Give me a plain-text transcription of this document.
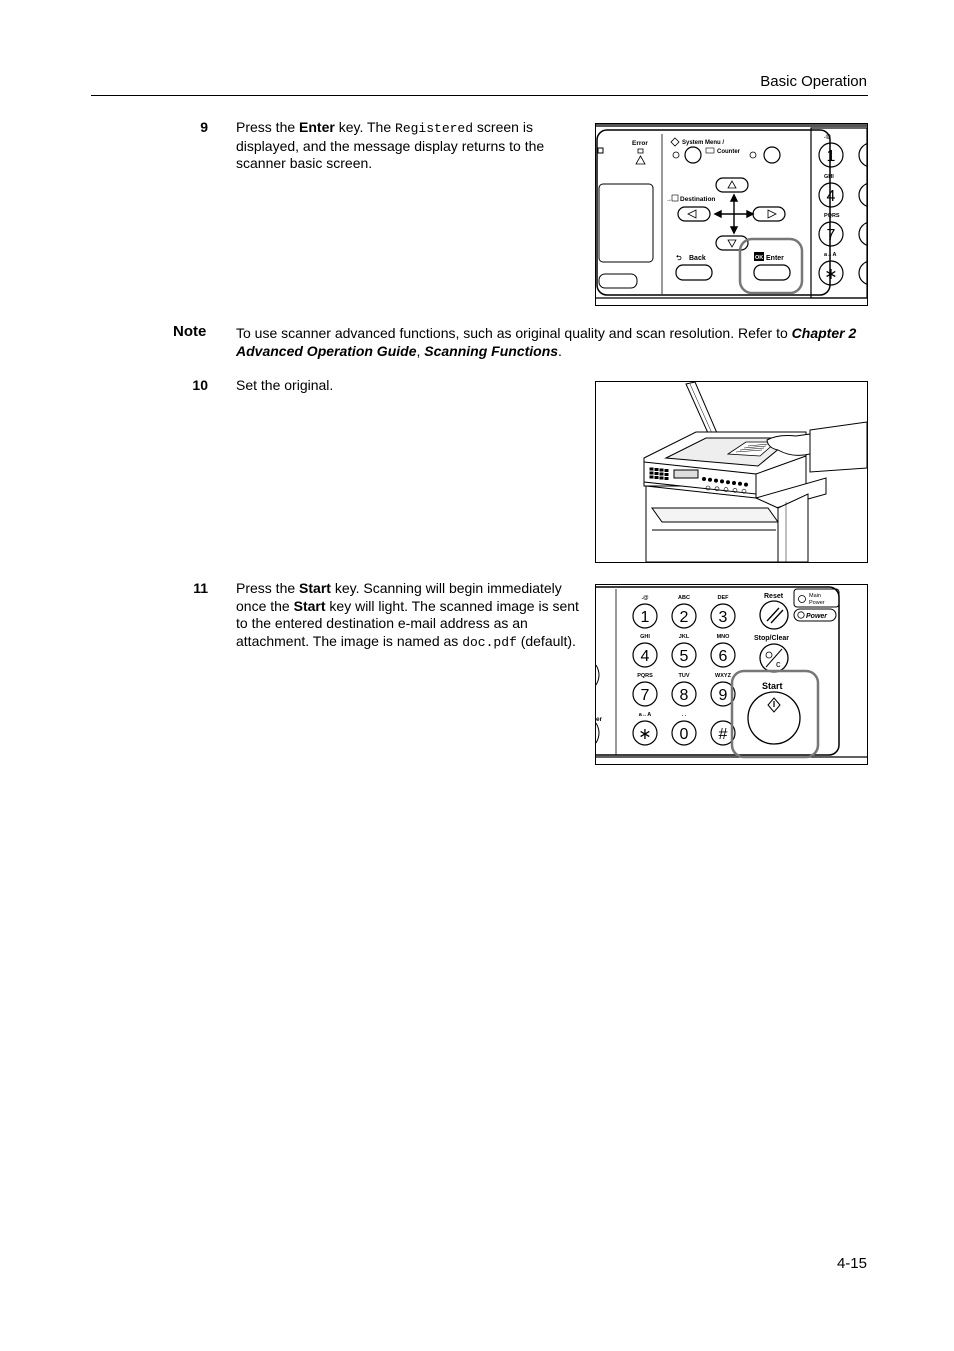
Basic Operation
9 Press the Enter key. The Registered screen is displayed, and the message display returns to the scanner basic screen.
Error	System Menu /
Counter
→ Destination
⮌ Back	OK Enter
.@
1
GHI
4
PQRS
7
a↔A
∗
Note To use scanner advanced functions, such as original quality and scan resolution. Refer to Chapter 2 Advanced Operation Guide, Scanning Functions.
10 Set the original.
11 Press the Start key. Scanning will begin immediately once the Start key will light. The scanned image is sent to the entered destination e-mail address as an attachment. The image is named as doc.pdf (default).
er
.@
1
ABC
2
DEF
3
GHI
4
JKL
5
MNO
6
PQRS
7
TUV
8
WXYZ
9
a↔A
∗
. .
0 #
Reset	Main
Power
Power
Stop/Clear
c
Start
4-15
